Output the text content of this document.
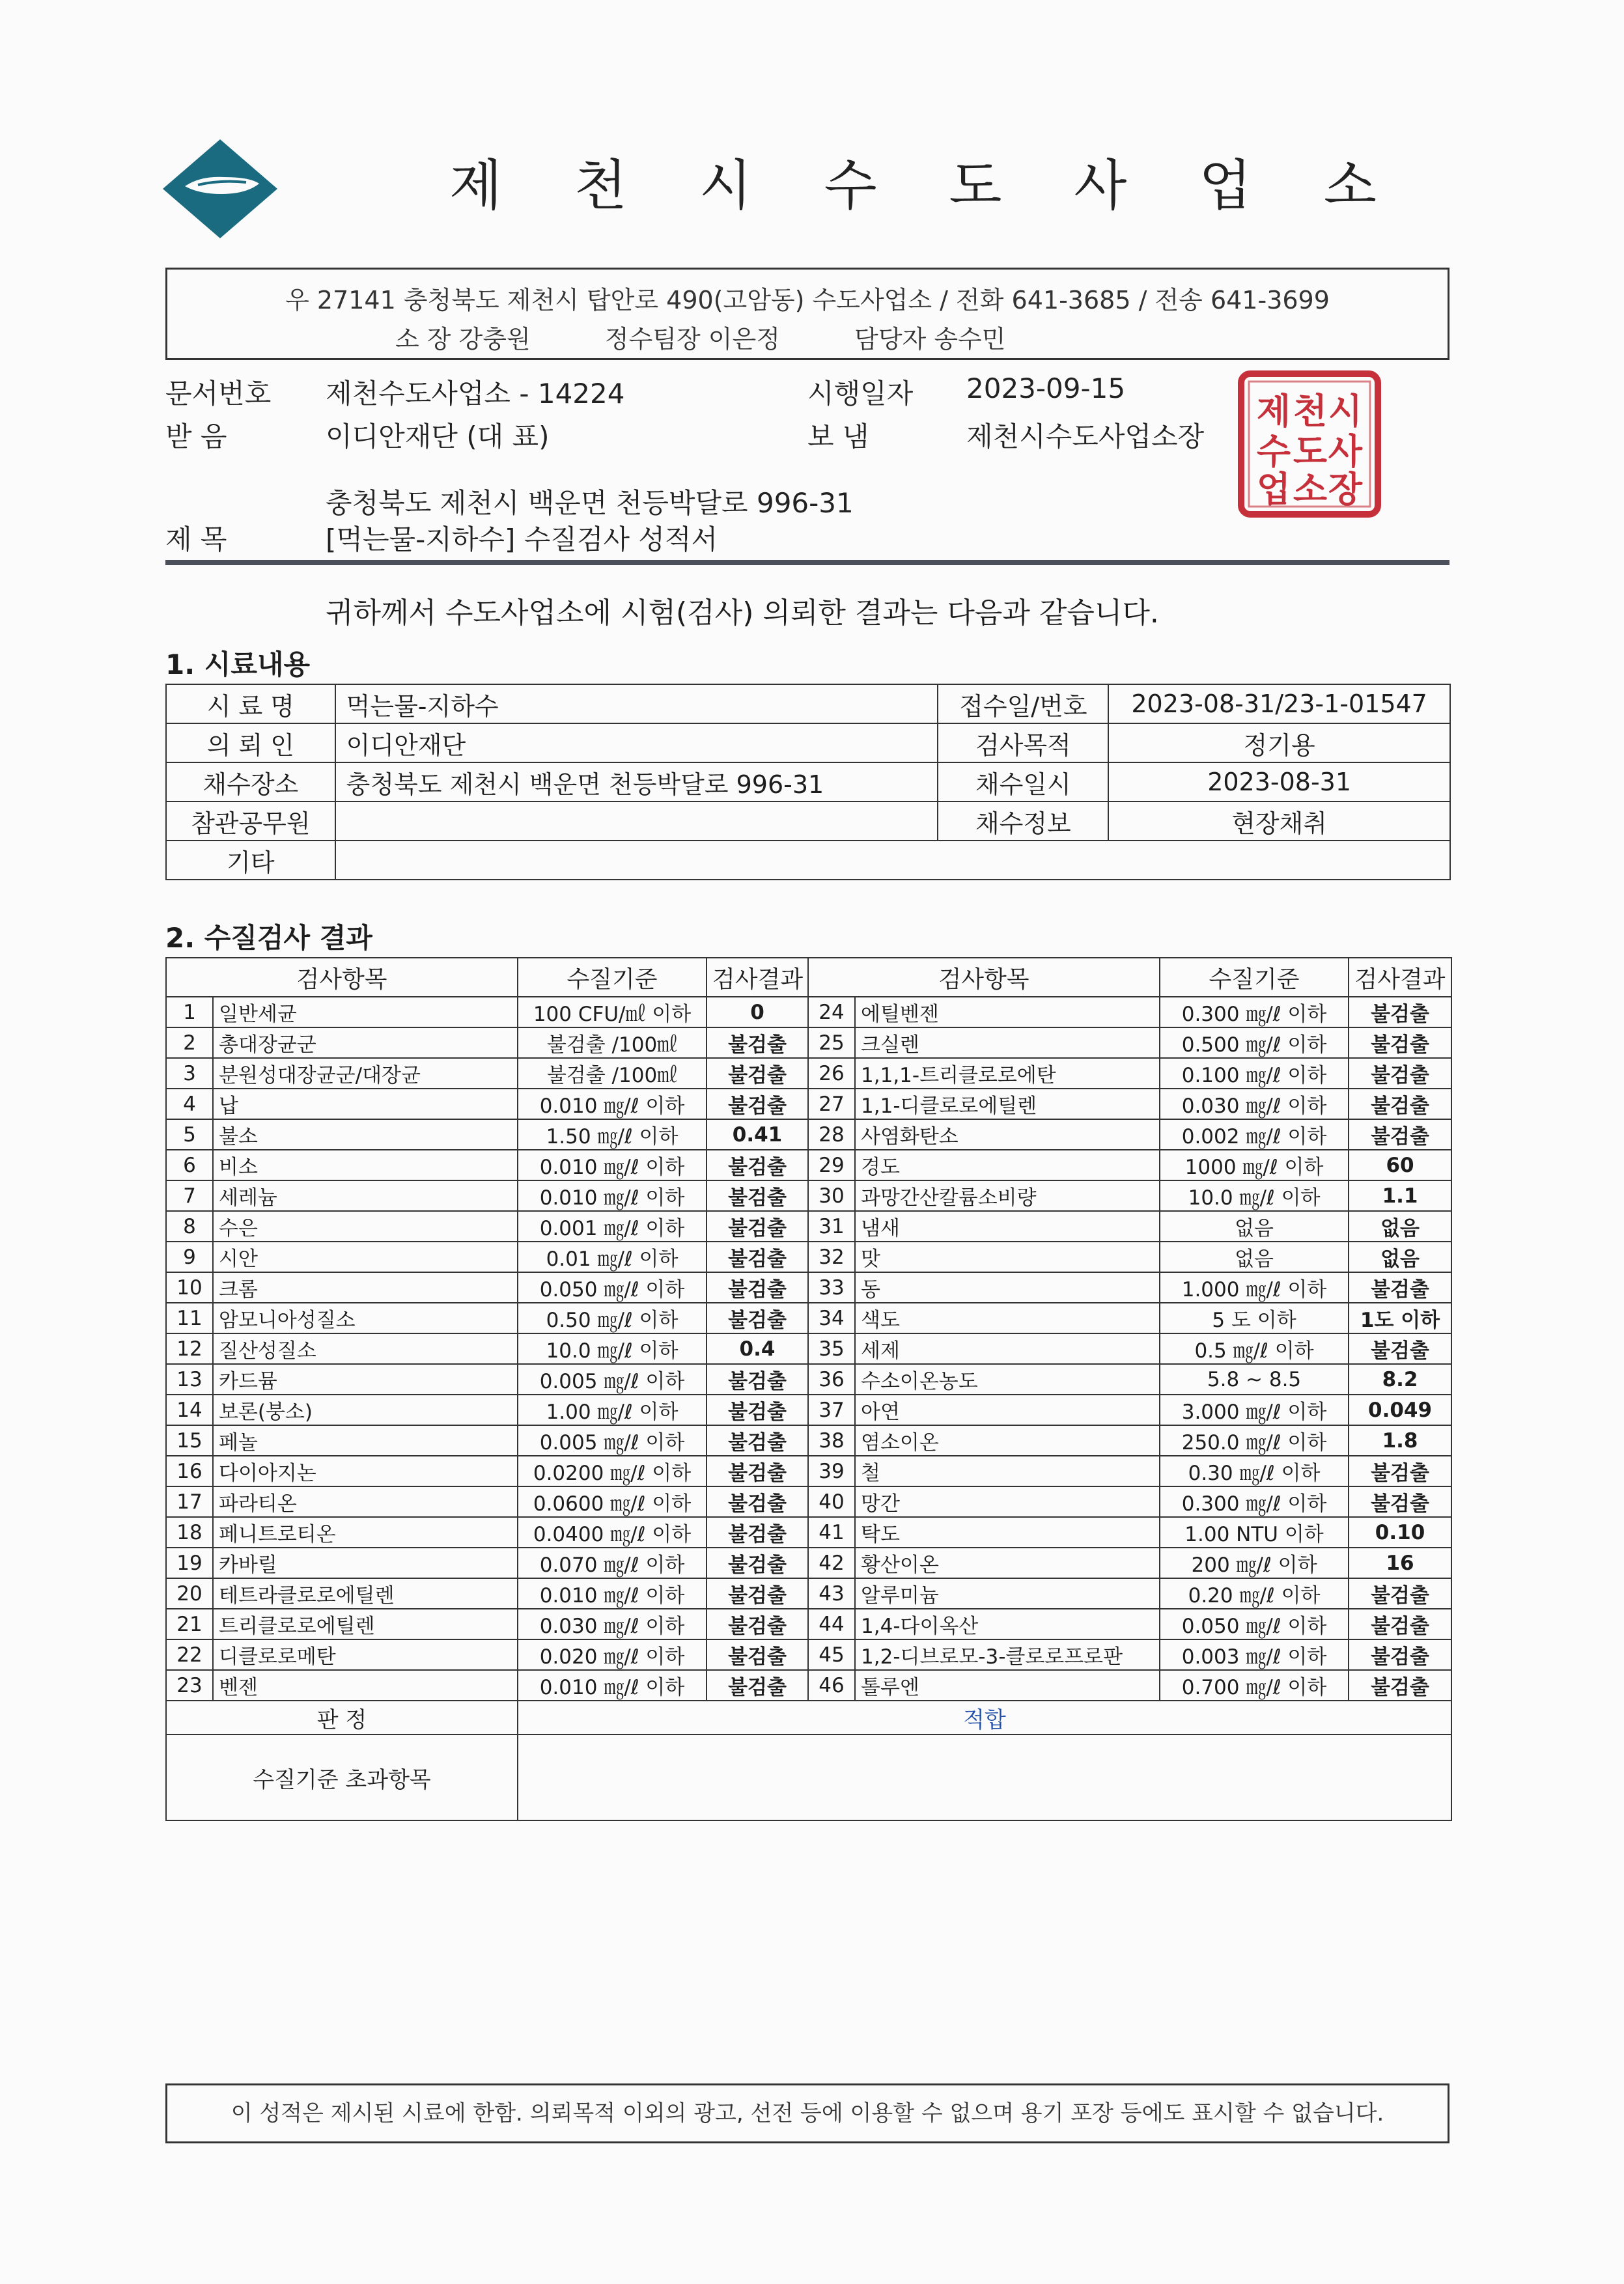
제 천 시 수 도 사 업 소
우 27141 충청북도 제천시 탑안로 490(고암동) 수도사업소 / 전화 641-3685 / 전송 641-3699
소 장 강충원	정수팀장 이은정	담당자 송수민
문서번호 제천수도사업소 - 14224	시행일자 2023-09-15
받 음	이디안재단 (대 표)	보 냄	제천시수도사업소장
충청북도 제천시 백운면 천등박달로 996-31
제 목	[먹는물-지하수] 수질검사 성적서
제 천 시
수 도 사
업 소 장
귀하께서 수도사업소에 시험(검사) 의뢰한 결과는 다음과 같습니다.
1. 시료내용
시 료 명	먹는물-지하수	접수일/번호	2023-08-31/23-1-01547
의 뢰 인	이디안재단	검사목적	정기용
채수장소	충청북도 제천시 백운면 천등박달로 996-31	채수일시	2023-08-31
참관공무원		채수정보	현장채취
기타			
2. 수질검사 결과
검사항목		수질기준	검사결과	검사항목		수질기준	검사결과
1	일반세균	100 CFU/㎖ 이하	0	24	에틸벤젠	0.300 ㎎/ℓ 이하	불검출
2	총대장균군	불검출 /100㎖	불검출	25	크실렌	0.500 ㎎/ℓ 이하	불검출
3	분원성대장균군/대장균	불검출 /100㎖	불검출	26	1,1,1-트리클로로에탄	0.100 ㎎/ℓ 이하	불검출
4	납	0.010 ㎎/ℓ 이하	불검출	27	1,1-디클로로에틸렌	0.030 ㎎/ℓ 이하	불검출
5	불소	1.50 ㎎/ℓ 이하	0.41	28	사염화탄소	0.002 ㎎/ℓ 이하	불검출
6	비소	0.010 ㎎/ℓ 이하	불검출	29	경도	1000 ㎎/ℓ 이하	60
7	세레늄	0.010 ㎎/ℓ 이하	불검출	30	과망간산칼륨소비량	10.0 ㎎/ℓ 이하	1.1
8	수은	0.001 ㎎/ℓ 이하	불검출	31	냄새	없음	없음
9	시안	0.01 ㎎/ℓ 이하	불검출	32	맛	없음	없음
10	크롬	0.050 ㎎/ℓ 이하	불검출	33	동	1.000 ㎎/ℓ 이하	불검출
11	암모니아성질소	0.50 ㎎/ℓ 이하	불검출	34	색도	5 도 이하	1도 이하
12	질산성질소	10.0 ㎎/ℓ 이하	0.4	35	세제	0.5 ㎎/ℓ 이하	불검출
13	카드뮴	0.005 ㎎/ℓ 이하	불검출	36	수소이온농도	5.8 ~ 8.5	8.2
14	보론(붕소)	1.00 ㎎/ℓ 이하	불검출	37	아연	3.000 ㎎/ℓ 이하	0.049
15	페놀	0.005 ㎎/ℓ 이하	불검출	38	염소이온	250.0 ㎎/ℓ 이하	1.8
16	다이아지논	0.0200 ㎎/ℓ 이하	불검출	39	철	0.30 ㎎/ℓ 이하	불검출
17	파라티온	0.0600 ㎎/ℓ 이하	불검출	40	망간	0.300 ㎎/ℓ 이하	불검출
18	페니트로티온	0.0400 ㎎/ℓ 이하	불검출	41	탁도	1.00 NTU 이하	0.10
19	카바릴	0.070 ㎎/ℓ 이하	불검출	42	황산이온	200 ㎎/ℓ 이하	16
20	테트라클로로에틸렌	0.010 ㎎/ℓ 이하	불검출	43	알루미늄	0.20 ㎎/ℓ 이하	불검출
21	트리클로로에틸렌	0.030 ㎎/ℓ 이하	불검출	44	1,4-다이옥산	0.050 ㎎/ℓ 이하	불검출
22	디클로로메탄	0.020 ㎎/ℓ 이하	불검출	45	1,2-디브로모-3-클로로프로판	0.003 ㎎/ℓ 이하	불검출
23	벤젠	0.010 ㎎/ℓ 이하	불검출	46	톨루엔	0.700 ㎎/ℓ 이하	불검출
판 정		적합					
수질기준 초과항목							
이 성적은 제시된 시료에 한함. 의뢰목적 이외의 광고, 선전 등에 이용할 수 없으며 용기 포장 등에도 표시할 수 없습니다.
